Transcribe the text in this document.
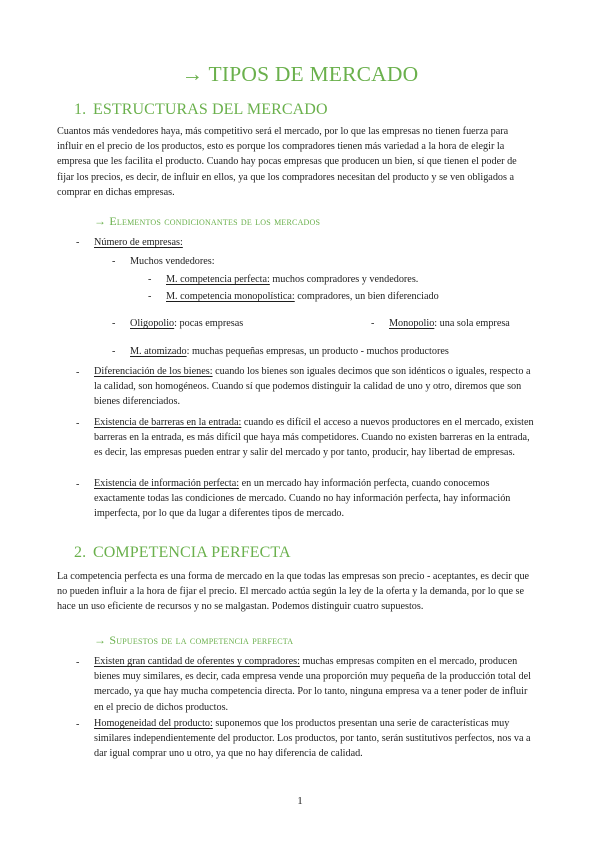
→ TIPOS DE MERCADO
1. ESTRUCTURAS DEL MERCADO

Cuantos más vendedores haya, más competitivo será el mercado, por lo que las empresas no tienen fuerza para influir en el precio de los productos, esto es porque los compradores tienen más variedad a la hora de elegir la empresa que les facilita el producto. Cuando hay pocas empresas que producen un bien, sí que tienen el poder de fijar los precios, es decir, de influir en ellos, ya que los compradores necesitan del producto y se ven obligados a comprar en dichas empresas.

→ Elementos condicionantes de los mercados
- Número de empresas:

- Muchos vendedores:

- M. competencia perfecta: muchos compradores y vendedores.

- M. competencia monopolística: compradores, un bien diferenciado

- Oligopolio: pocas empresas	- Monopolio: una sola empresa

- M. atomizado: muchas pequeñas empresas, un producto - muchos productores

- Diferenciación de los bienes: cuando los bienes son iguales decimos que son idénticos o iguales, respecto a la calidad, son homogéneos. Cuando sí que podemos distinguir la calidad de uno y otro, diremos que son bienes diferenciados.

- Existencia de barreras en la entrada: cuando es difícil el acceso a nuevos productores en el mercado, existen barreras en la entrada, es más difícil que haya más competidores. Cuando no existen barreras en la entrada, es decir, las empresas pueden entrar y salir del mercado y por tanto, producir, hay libertad de empresas.

- Existencia de información perfecta: en un mercado hay información perfecta, cuando conocemos exactamente todas las condiciones de mercado. Cuando no hay información perfecta, hay información imperfecta, por lo que da lugar a diferentes tipos de mercado.

2. COMPETENCIA PERFECTA

La competencia perfecta es una forma de mercado en la que todas las empresas son precio - aceptantes, es decir que no pueden influir a la hora de fijar el precio. El mercado actúa según la ley de la oferta y la demanda, por lo que se hace un uso eficiente de recursos y no se malgastan. Podemos distinguir cuatro supuestos.

→ Supuestos de la competencia perfecta
- Existen gran cantidad de oferentes y compradores: muchas empresas compiten en el mercado, producen bienes muy similares, es decir, cada empresa vende una proporción muy pequeña de la producción total del mercado, ya que hay mucha competencia directa. Por lo tanto, ninguna empresa va a tener poder de influir en el precio de dichos productos.

- Homogeneidad del producto: suponemos que los productos presentan una serie de características muy similares independientemente del productor. Los productos, por tanto, serán sustitutivos perfectos, nos va a dar igual comprar uno u otro, ya que no hay diferencia de calidad.

1
